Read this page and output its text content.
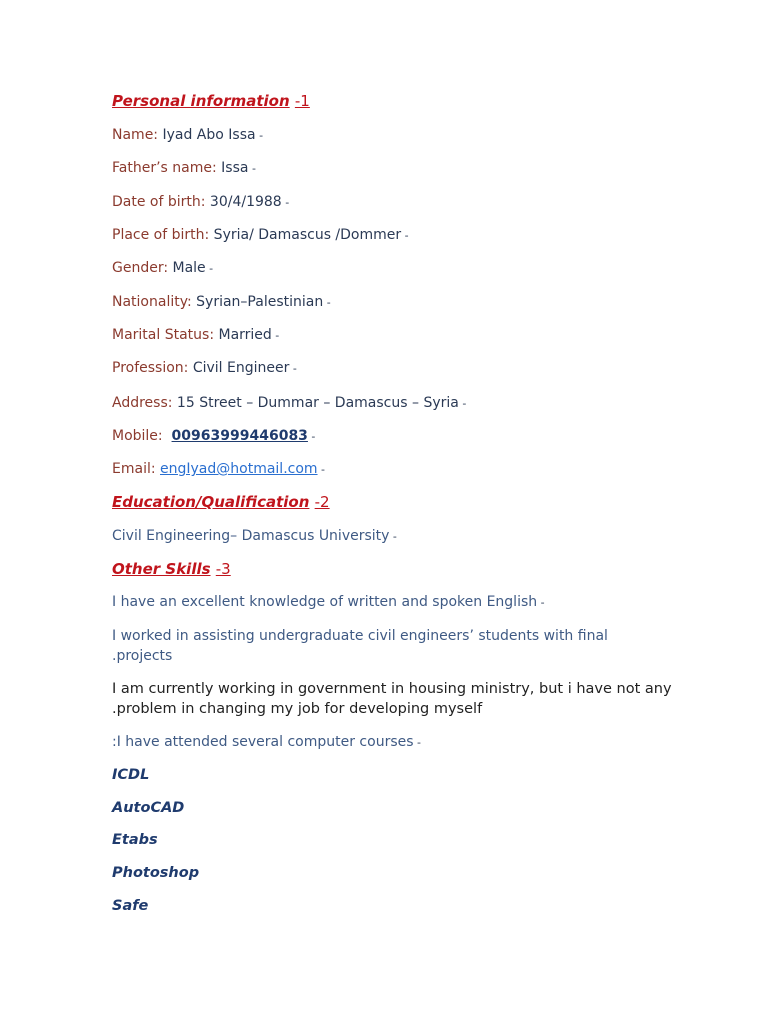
Personal information -1
Name: Iyad Abo Issa -
Father’s name: Issa -
Date of birth: 30/4/1988 -
Place of birth: Syria/ Damascus /Dommer -
Gender: Male -
Nationality: Syrian–Palestinian -
Marital Status: Married -
Profession: Civil Engineer -
Address: 15 Street – Dummar – Damascus – Syria -
Mobile: 00963999446083 -
Email: engIyad@hotmail.com -
Education/Qualification -2
Civil Engineering– Damascus University -
Other Skills -3
I have an excellent knowledge of written and spoken English -
I worked in assisting undergraduate civil engineers’ students with final .projects
I am currently working in government in housing ministry, but i have not any .problem in changing my job for developing myself
:I have attended several computer courses -
ICDL
AutoCAD
Etabs
Photoshop
Safe
